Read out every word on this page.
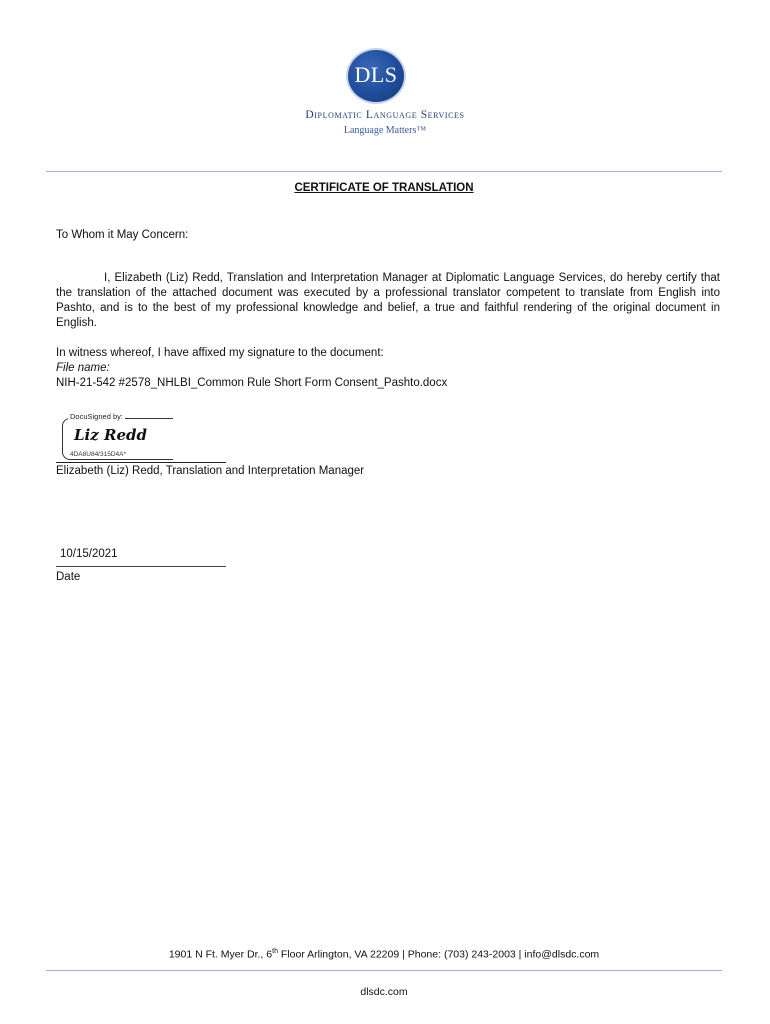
DLS
Diplomatic Language Services
Language Matters™
CERTIFICATE OF TRANSLATION
To Whom it May Concern:
I, Elizabeth (Liz) Redd, Translation and Interpretation Manager at Diplomatic Language Services, do hereby certify that the translation of the attached document was executed by a professional translator competent to translate from English into Pashto, and is to the best of my professional knowledge and belief, a true and faithful rendering of the original document in English.
In witness whereof, I have affixed my signature to the document:
File name:
NIH-21-542 #2578_NHLBI_Common Rule Short Form Consent_Pashto.docx
DocuSigned by:
Liz Redd
4DA8U84/315D4A*
Elizabeth (Liz) Redd, Translation and Interpretation Manager
10/15/2021
Date
1901 N Ft. Myer Dr., 6th Floor Arlington, VA 22209 | Phone: (703) 243-2003 | info@dlsdc.com
dlsdc.com
